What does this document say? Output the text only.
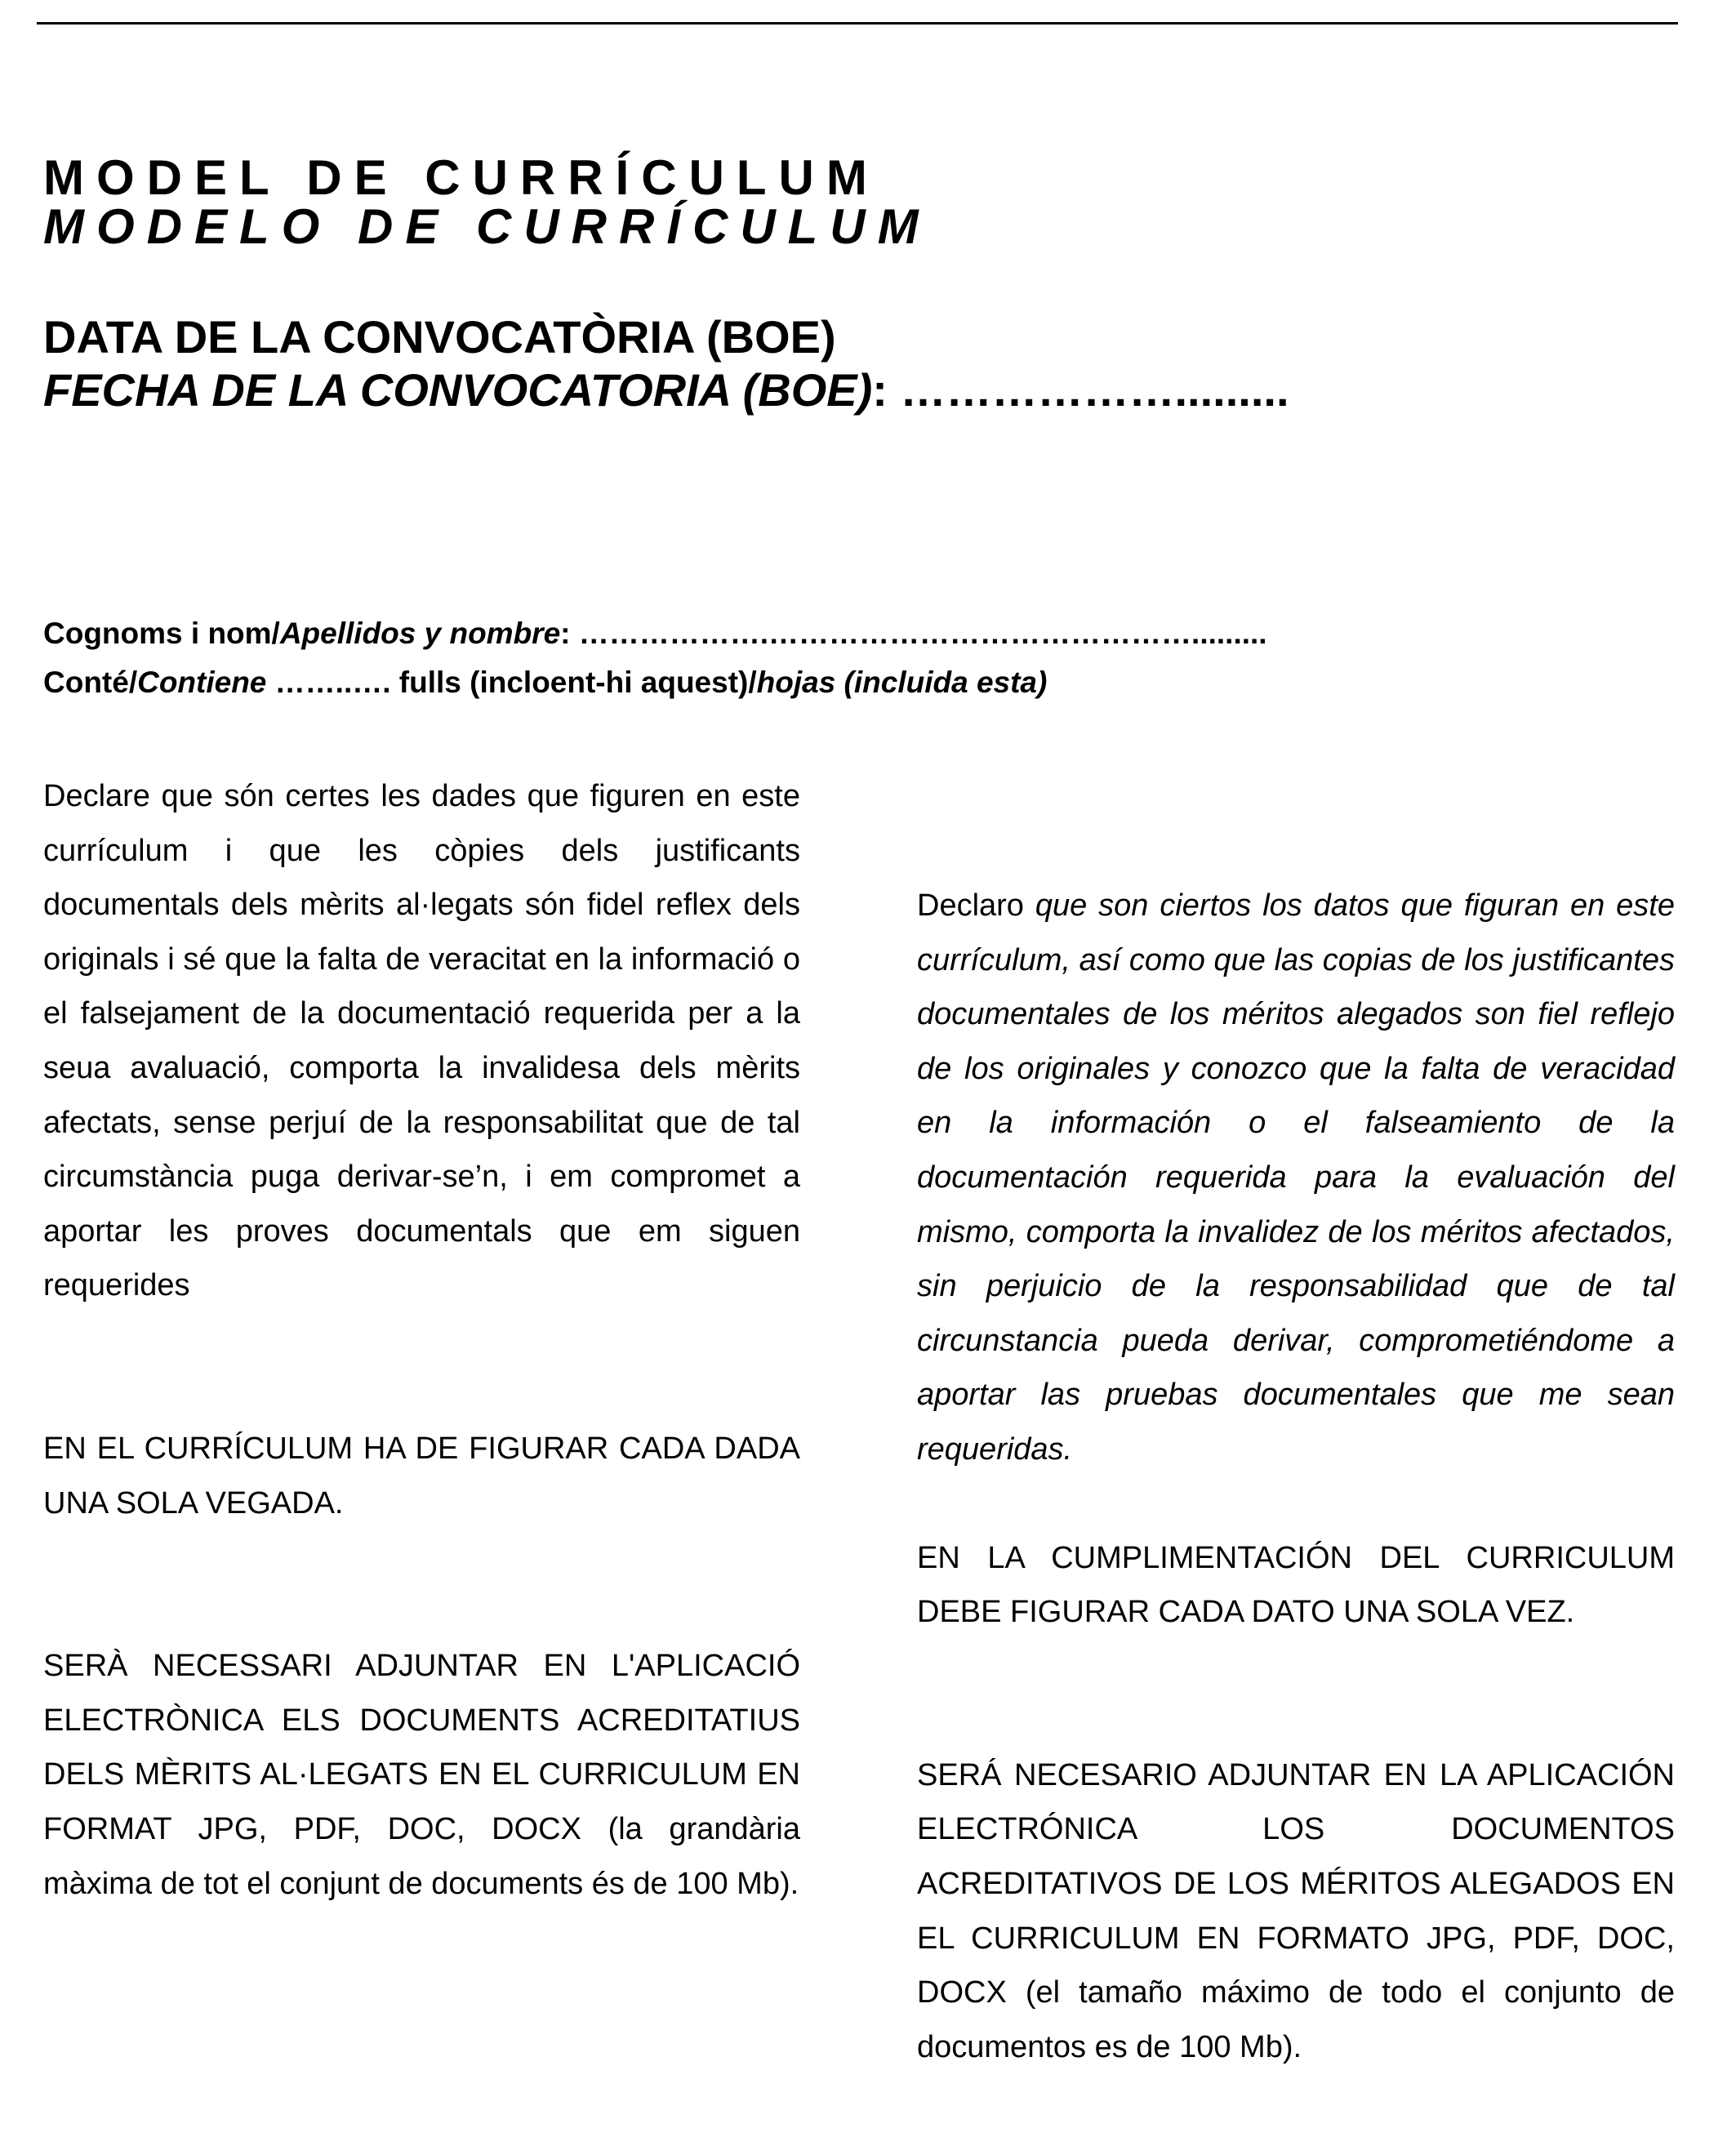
MODEL DE CURRÍCULUM
MODELO DE CURRÍCULUM
DATA DE LA CONVOCATÒRIA (BOE)
FECHA DE LA CONVOCATORIA (BOE): ……………….........
Cognoms i nom/Apellidos y nombre: ……………….…………………………………….........
Conté/Contiene ……..…. fulls (incloent-hi aquest)/hojas (incluida esta)

Declare que són certes les dades que figuren en este currículum i que les còpies dels justificants documentals dels mèrits al·legats són fidel reflex dels originals i sé que la falta de veracitat en la informació o el falsejament de la documentació requerida per a la seua avaluació, comporta la invalidesa dels mèrits afectats, sense perjuí de la responsabilitat que de tal circumstància puga derivar-se’n, i em compromet a aportar les proves documentals que em siguen requerides

EN EL CURRÍCULUM HA DE FIGURAR CADA DADA UNA SOLA VEGADA.

SERÀ NECESSARI ADJUNTAR EN L'APLICACIÓ ELECTRÒNICA ELS DOCUMENTS ACREDITATIUS DELS MÈRITS AL·LEGATS EN EL CURRICULUM EN FORMAT JPG, PDF, DOC, DOCX (la grandària màxima de tot el conjunt de documents és de 100 Mb).

Declaro que son ciertos los datos que figuran en este currículum, así como que las copias de los justificantes documentales de los méritos alegados son fiel reflejo de los originales y conozco que la falta de veracidad en la información o el falseamiento de la documentación requerida para la evaluación del mismo, comporta la invalidez de los méritos afectados, sin perjuicio de la responsabilidad que de tal circunstancia pueda derivar, comprometiéndome a aportar las pruebas documentales que me sean requeridas.

EN LA CUMPLIMENTACIÓN DEL CURRICULUM DEBE FIGURAR CADA DATO UNA SOLA VEZ.

SERÁ NECESARIO ADJUNTAR EN LA APLICACIÓN ELECTRÓNICA LOS DOCUMENTOS ACREDITATIVOS DE LOS MÉRITOS ALEGADOS EN EL CURRICULUM EN FORMATO JPG, PDF, DOC, DOCX (el tamaño máximo de todo el conjunto de documentos es de 100 Mb).
